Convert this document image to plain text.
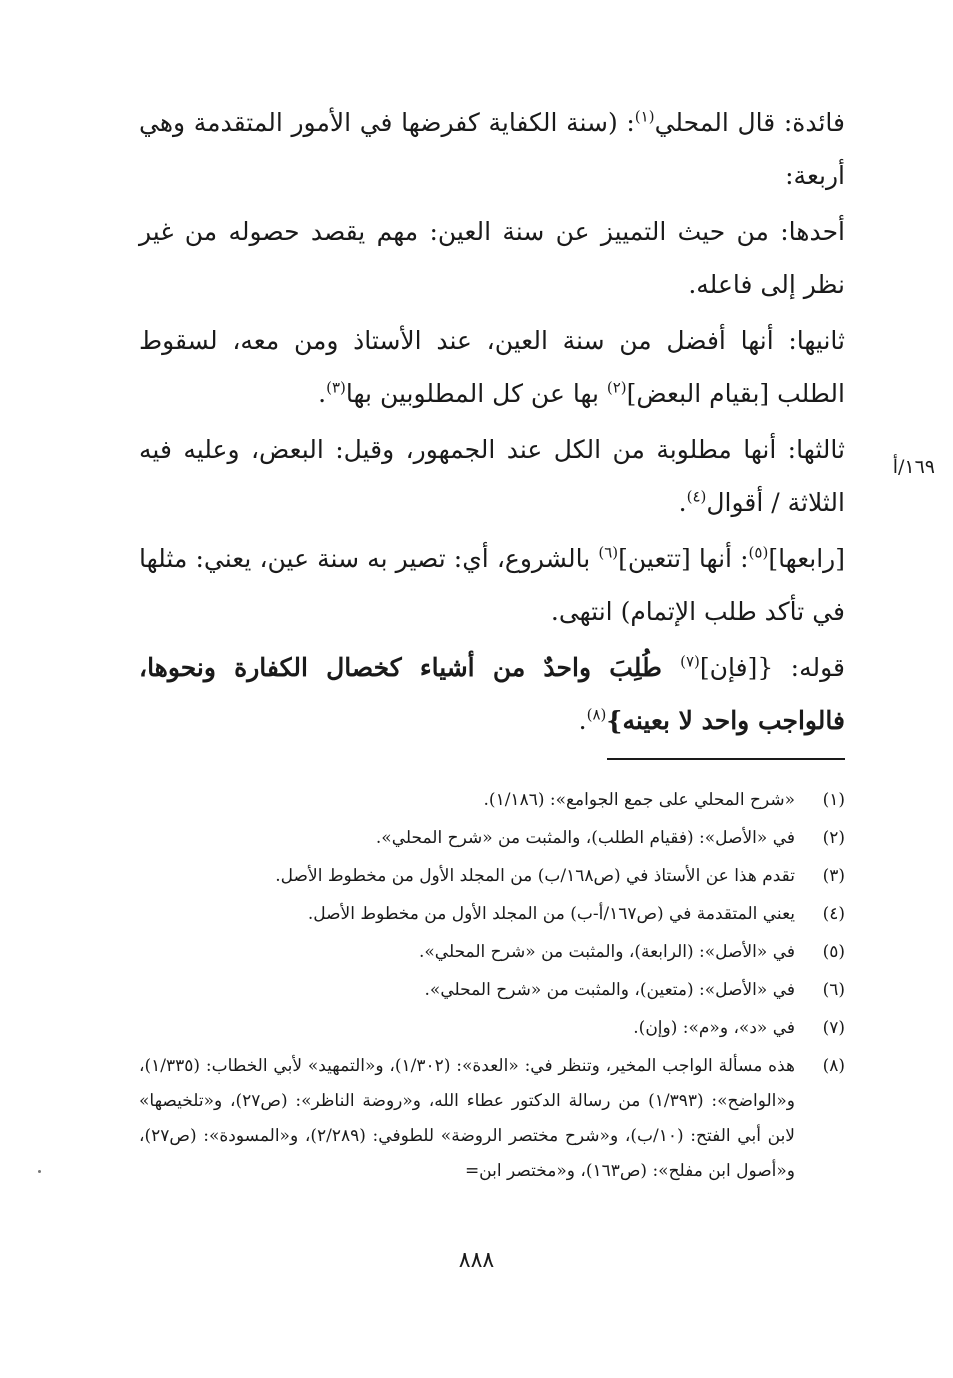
فائدة: قال المحلي$^{(١)}$: (سنة الكفاية كفرضها في الأمور المتقدمة وهي أربعة:

أحدها: من حيث التمييز عن سنة العين: مهم يقصد حصوله من غير نظر إلى فاعله.

ثانيها: أنها أفضل من سنة العين، عند الأستاذ ومن معه، لسقوط الطلب [بقيام البعض]$^{(٢)}$ بها عن كل المطلوبين بها$^{(٣)}$.

ثالثها: أنها مطلوبة من الكل عند الجمهور، وقيل: البعض، وعليه فيه الثلاثة / أقوال$^{(٤)}$.

[رابعها]$^{(٥)}$: أنها [تتعين]$^{(٦)}$ بالشروع، أي: تصير به سنة عين، يعني: مثلها في تأكد طلب الإتمام) انتهى.

قوله: {[فإن]$^{(٧)}$ طُلِبَ واحدٌ من أشياء كخصال الكفارة ونحوها، فالواجب واحد لا بعينه}$^{(٨)}$.

١٦٩/أ
(١)
«شرح المحلي على جمع الجوامع»: (١/١٨٦).
(٢)
في «الأصل»: (فقيام الطلب)، والمثبت من «شرح المحلي».
(٣)
تقدم هذا عن الأستاذ في (ص١٦٨/ب) من المجلد الأول من مخطوط الأصل.
(٤)
يعني المتقدمة في (ص١٦٧/أ-ب) من المجلد الأول من مخطوط الأصل.
(٥)
في «الأصل»: (الرابعة)، والمثبت من «شرح المحلي».
(٦)
في «الأصل»: (متعين)، والمثبت من «شرح المحلي».
(٧)
في «د»، و«م»: (وإن).
(٨)
هذه مسألة الواجب المخير، وتنظر في: «العدة»: (١/٣٠٢)، و«التمهيد» لأبي الخطاب: (١/٣٣٥)، و«الواضح»: (١/٣٩٣) من رسالة الدكتور عطاء الله، و«روضة الناظر»: (ص٢٧)، و«تلخيصها» لابن أبي الفتح: (١٠/ب)، و«شرح مختصر الروضة» للطوفي: (٢/٢٨٩)، و«المسودة»: (ص٢٧)، و«أصول ابن مفلح»: (ص١٦٣)، و«مختصر ابن=
٨٨٨
